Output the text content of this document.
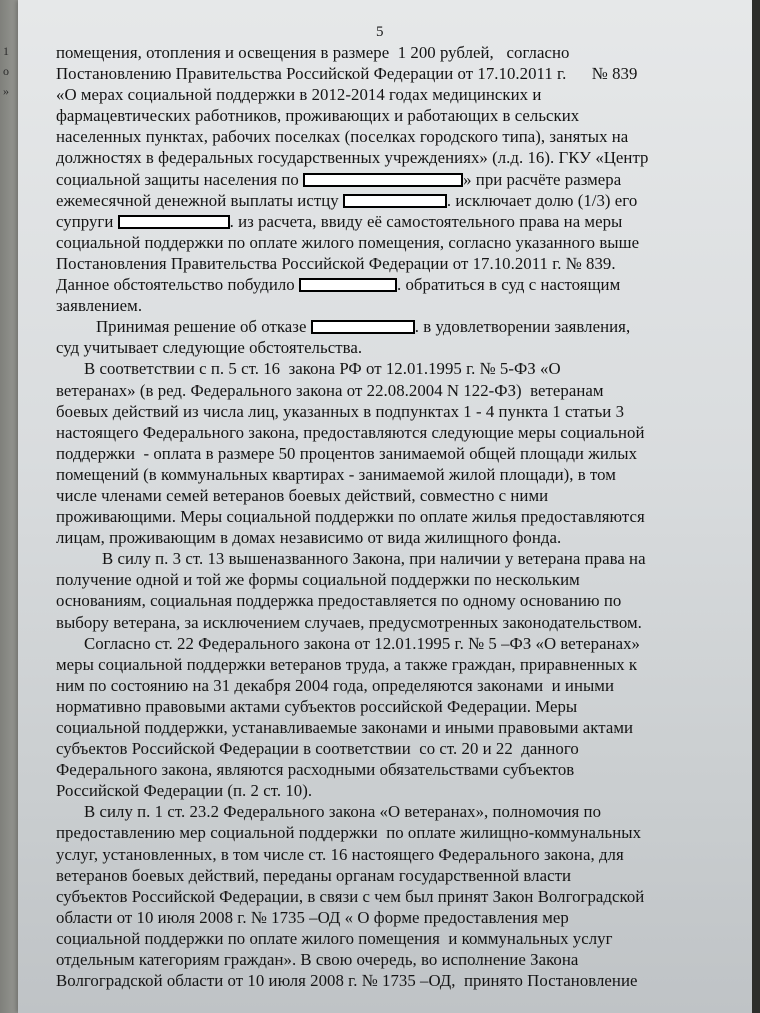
1
о
»
5
помещения, отопления и освещения в размере  1 200 рублей,   согласно
Постановлению Правительства Российской Федерации от 17.10.2011 г.      № 839
«О мерах социальной поддержки в 2012-2014 годах медицинских и
фармацевтических работников, проживающих и работающих в сельских
населенных пунктах, рабочих поселках (поселках городского типа), занятых на
должностях в федеральных государственных учреждениях» (л.д. 16). ГКУ «Центр
социальной защиты населения по	» при расчёте размера
ежемесячной денежной выплаты истцу	. исключает долю (1/3) его
супруги	. из расчета, ввиду её самостоятельного права на меры
социальной поддержки по оплате жилого помещения, согласно указанного выше
Постановления Правительства Российской Федерации от 17.10.2011 г. № 839.
Данное обстоятельство побудило	. обратиться в суд с настоящим
заявлением.
Принимая решение об отказе	. в удовлетворении заявления,
суд учитывает следующие обстоятельства.
В соответствии с п. 5 ст. 16  закона РФ от 12.01.1995 г. № 5-ФЗ «О
ветеранах» (в ред. Федерального закона от 22.08.2004 N 122-ФЗ)  ветеранам
боевых действий из числа лиц, указанных в подпунктах 1 - 4 пункта 1 статьи 3
настоящего Федерального закона, предоставляются следующие меры социальной
поддержки  - оплата в размере 50 процентов занимаемой общей площади жилых
помещений (в коммунальных квартирах - занимаемой жилой площади), в том
числе членами семей ветеранов боевых действий, совместно с ними
проживающими. Меры социальной поддержки по оплате жилья предоставляются
лицам, проживающим в домах независимо от вида жилищного фонда.
В силу п. 3 ст. 13 вышеназванного Закона, при наличии у ветерана права на
получение одной и той же формы социальной поддержки по нескольким
основаниям, социальная поддержка предоставляется по одному основанию по
выбору ветерана, за исключением случаев, предусмотренных законодательством.
Согласно ст. 22 Федерального закона от 12.01.1995 г. № 5 –ФЗ «О ветеранах»
меры социальной поддержки ветеранов труда, а также граждан, приравненных к
ним по состоянию на 31 декабря 2004 года, определяются законами  и иными
нормативно правовыми актами субъектов российской Федерации. Меры
социальной поддержки, устанавливаемые законами и иными правовыми актами
субъектов Российской Федерации в соответствии  со ст. 20 и 22  данного
Федерального закона, являются расходными обязательствами субъектов
Российской Федерации (п. 2 ст. 10).
В силу п. 1 ст. 23.2 Федерального закона «О ветеранах», полномочия по
предоставлению мер социальной поддержки  по оплате жилищно-коммунальных
услуг, установленных, в том числе ст. 16 настоящего Федерального закона, для
ветеранов боевых действий, переданы органам государственной власти
субъектов Российской Федерации, в связи с чем был принят Закон Волгоградской
области от 10 июля 2008 г. № 1735 –ОД « О форме предоставления мер
социальной поддержки по оплате жилого помещения  и коммунальных услуг
отдельным категориям граждан». В свою очередь, во исполнение Закона
Волгоградской области от 10 июля 2008 г. № 1735 –ОД,  принято Постановление
